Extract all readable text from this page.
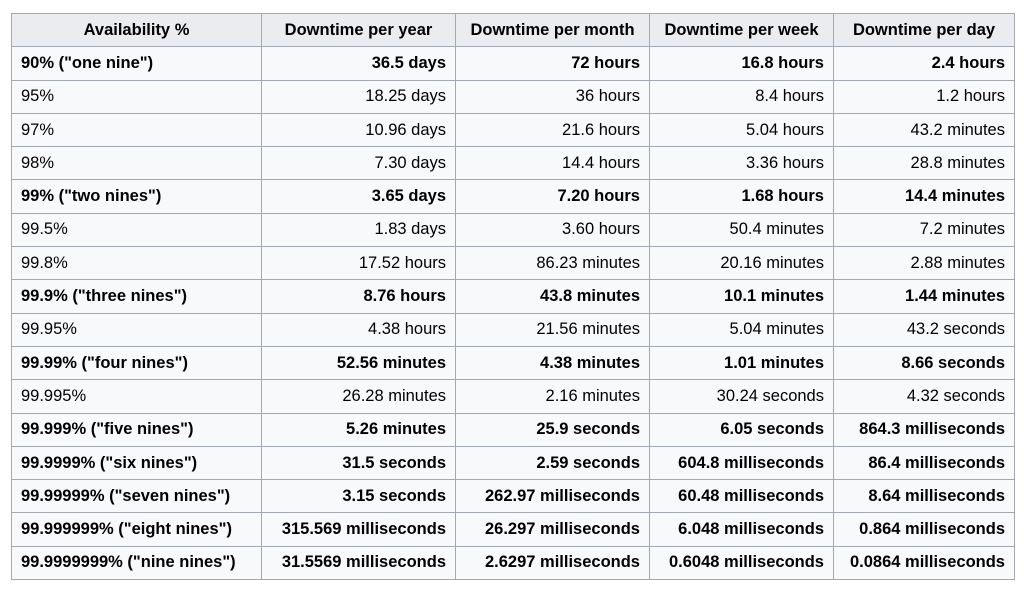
Availability %	Downtime per year	Downtime per month	Downtime per week	Downtime per day
90% ("one nine")	36.5 days	72 hours	16.8 hours	2.4 hours
95%	18.25 days	36 hours	8.4 hours	1.2 hours
97%	10.96 days	21.6 hours	5.04 hours	43.2 minutes
98%	7.30 days	14.4 hours	3.36 hours	28.8 minutes
99% ("two nines")	3.65 days	7.20 hours	1.68 hours	14.4 minutes
99.5%	1.83 days	3.60 hours	50.4 minutes	7.2 minutes
99.8%	17.52 hours	86.23 minutes	20.16 minutes	2.88 minutes
99.9% ("three nines")	8.76 hours	43.8 minutes	10.1 minutes	1.44 minutes
99.95%	4.38 hours	21.56 minutes	5.04 minutes	43.2 seconds
99.99% ("four nines")	52.56 minutes	4.38 minutes	1.01 minutes	8.66 seconds
99.995%	26.28 minutes	2.16 minutes	30.24 seconds	4.32 seconds
99.999% ("five nines")	5.26 minutes	25.9 seconds	6.05 seconds	864.3 milliseconds
99.9999% ("six nines")	31.5 seconds	2.59 seconds	604.8 milliseconds	86.4 milliseconds
99.99999% ("seven nines")	3.15 seconds	262.97 milliseconds	60.48 milliseconds	8.64 milliseconds
99.999999% ("eight nines")	315.569 milliseconds	26.297 milliseconds	6.048 milliseconds	0.864 milliseconds
99.9999999% ("nine nines")	31.5569 milliseconds	2.6297 milliseconds	0.6048 milliseconds	0.0864 milliseconds
